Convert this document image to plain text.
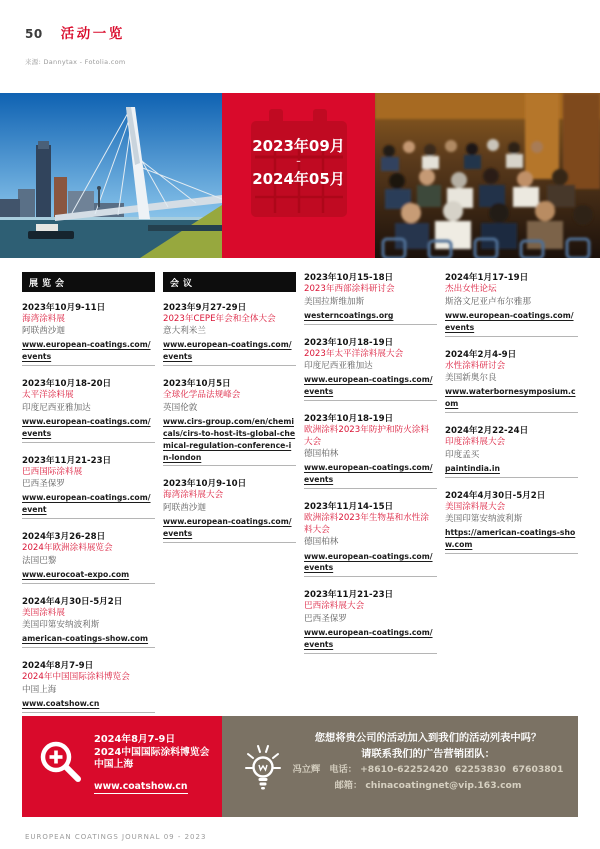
50 活动一览
来源: Dannytax - Fotolia.com
2023年09月
–
2024年05月
展览会
2023年10月9-11日
海湾涂料展
阿联酋沙迦
www.european-coatings.com/events
2023年10月18-20日
太平洋涂料展
印度尼西亚雅加达
www.european-coatings.com/events
2023年11月21-23日
巴西国际涂料展
巴西圣保罗
www.european-coatings.com/event
2024年3月26-28日
2024年欧洲涂料展览会
法国巴黎
www.eurocoat-expo.com
2024年4月30日-5月2日
美国涂料展
美国印第安纳波利斯
american-coatings-show.com
2024年8月7-9日
2024年中国国际涂料博览会
中国上海
www.coatshow.cn
会议
2023年9月27-29日
2023年CEPE年会和全体大会
意大利米兰
www.european-coatings.com/events
2023年10月5日
全球化学品法规峰会
英国伦敦
www.cirs-group.com/en/chemicals/cirs-to-host-its-global-chemical-regulation-conference-in-london
2023年10月9-10日
海湾涂料展大会
阿联酋沙迦
www.european-coatings.com/events
2023年10月15-18日
2023年西部涂料研讨会
美国拉斯维加斯
westerncoatings.org
2023年10月18-19日
2023年太平洋涂料展大会
印度尼西亚雅加达
www.european-coatings.com/events
2023年10月18-19日
欧洲涂料2023年防护和防火涂料大会
德国柏林
www.european-coatings.com/events
2023年11月14-15日
欧洲涂料2023年生物基和水性涂料大会
德国柏林
www.european-coatings.com/events
2023年11月21-23日
巴西涂料展大会
巴西圣保罗
www.european-coatings.com/events
2024年1月17-19日
杰出女性论坛
斯洛文尼亚卢布尔雅那
www.european-coatings.com/events
2024年2月4-9日
水性涂料研讨会
美国新奥尔良
www.waterbornesymposium.com
2024年2月22-24日
印度涂料展大会
印度孟买
paintindia.in
2024年4月30日-5月2日
美国涂料展大会
美国印第安纳波利斯
https://american-coatings-show.com
2024年8月7-9日
2024中国国际涂料博览会
中国上海
www.coatshow.cn
您想将贵公司的活动加入到我们的活动列表中吗？
请联系我们的广告营销团队：
冯立辉　电话： +8610-62252420  62253830  67603801
邮箱： chinacoatingnet@vip.163.com
EUROPEAN COATINGS JOURNAL 09 - 2023
